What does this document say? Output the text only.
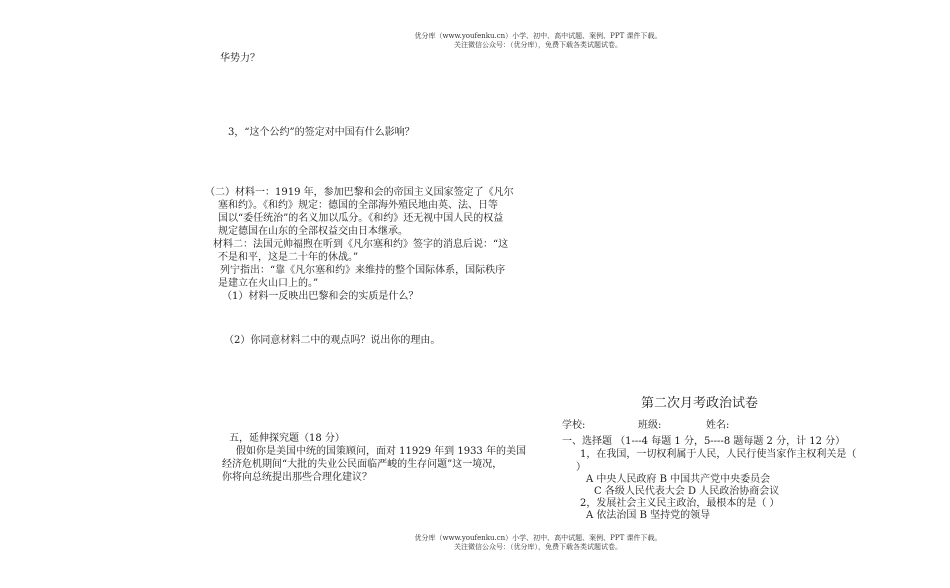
优分库（www.youfenku.cn）小学、初中、高中试题、案例、PPT 课件下载。
关注微信公众号：（优分库），免费下载各类试题试卷。
华势力？
3，“这个公约”的签定对中国有什么影响？
（二）材料一：1919 年，参加巴黎和会的帝国主义国家签定了《凡尔
塞和约》。《和约》规定：德国的全部海外殖民地由英、法、日等
国以“委任统治”的名义加以瓜分。《和约》还无视中国人民的权益
规定德国在山东的全部权益交由日本继承。
材料二：法国元帅福煦在听到《凡尔塞和约》签字的消息后说：“这
不是和平，这是二十年的休战。”
列宁指出：“靠《凡尔塞和约》来维持的整个国际体系，国际秩序
是建立在火山口上的。”
（1）材料一反映出巴黎和会的实质是什么？
（2）你同意材料二中的观点吗？说出你的理由。
五，延伸探究题（18 分）
假如你是美国中统的国策顾问，面对 11929 年到 1933 年的美国
经济危机期间“大批的失业公民面临严峻的生存问题”这一境况，
你将向总统提出那些合理化建议？
第二次月考政治试卷
学校:	班级:	姓名:
一、选择题 （1---4 每题 1 分，5----8 题每题 2 分，计 12 分）
1，在我国，一切权利属于人民，人民行使当家作主权利关是（
）
A 中央人民政府 B 中国共产党中央委员会
C 各级人民代表大会 D 人民政治协商会议
2，发展社会主义民主政治，最根本的是（ ）
A 依法治国 B 坚持党的领导
优分库（www.youfenku.cn）小学、初中、高中试题、案例、PPT 课件下载。
关注微信公众号：（优分库），免费下载各类试题试卷。
